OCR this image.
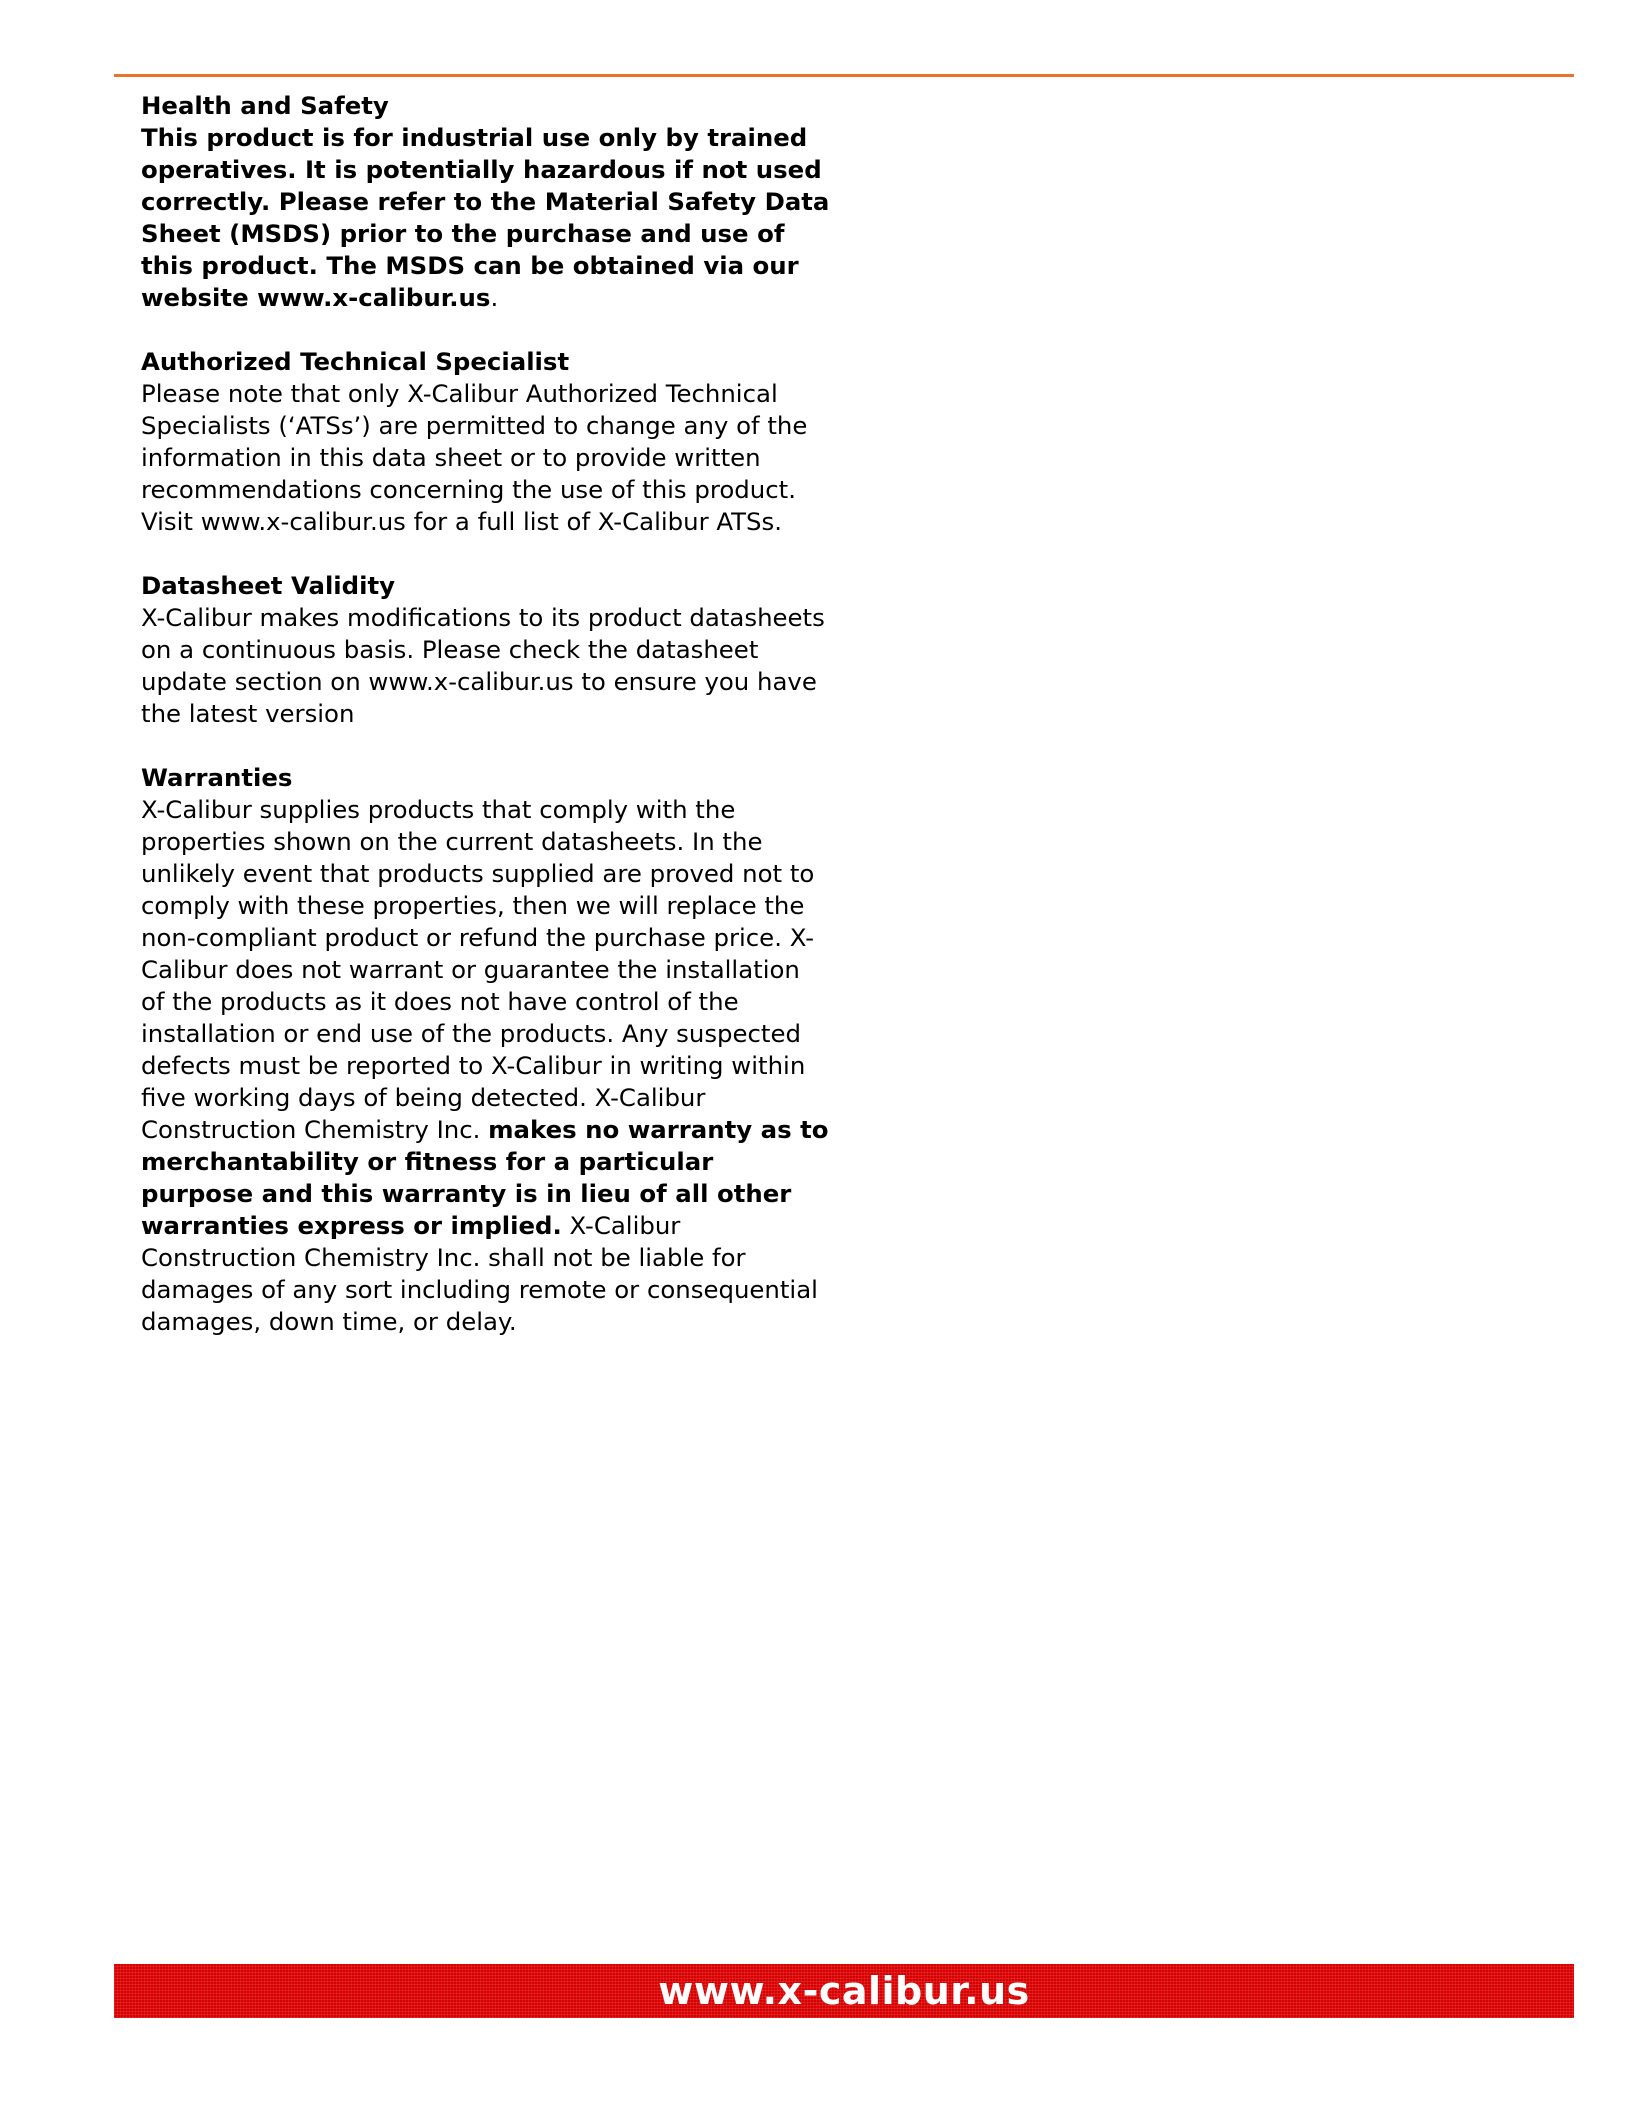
Health and Safety
This product is for industrial use only by trained operatives. It is potentially hazardous if not used correctly. Please refer to the Material Safety Data Sheet (MSDS) prior to the purchase and use of this product. The MSDS can be obtained via our website www.x-calibur.us.
Authorized Technical Specialist
Please note that only X-Calibur Authorized Technical Specialists (‘ATSs’) are permitted to change any of the information in this data sheet or to provide written recommendations concerning the use of this product. Visit www.x-calibur.us for a full list of X-Calibur ATSs.
Datasheet Validity
X-Calibur makes modifications to its product datasheets on a continuous basis. Please check the datasheet update section on www.x-calibur.us to ensure you have the latest version
Warranties
X-Calibur supplies products that comply with the properties shown on the current datasheets. In the unlikely event that products supplied are proved not to comply with these properties, then we will replace the non-compliant product or refund the purchase price. X-Calibur does not warrant or guarantee the installation of the products as it does not have control of the installation or end use of the products. Any suspected defects must be reported to X-Calibur in writing within five working days of being detected. X-Calibur Construction Chemistry Inc. makes no warranty as to merchantability or fitness for a particular purpose and this warranty is in lieu of all other warranties express or implied. X-Calibur Construction Chemistry Inc. shall not be liable for damages of any sort including remote or consequential damages, down time, or delay.
www.x-calibur.us
